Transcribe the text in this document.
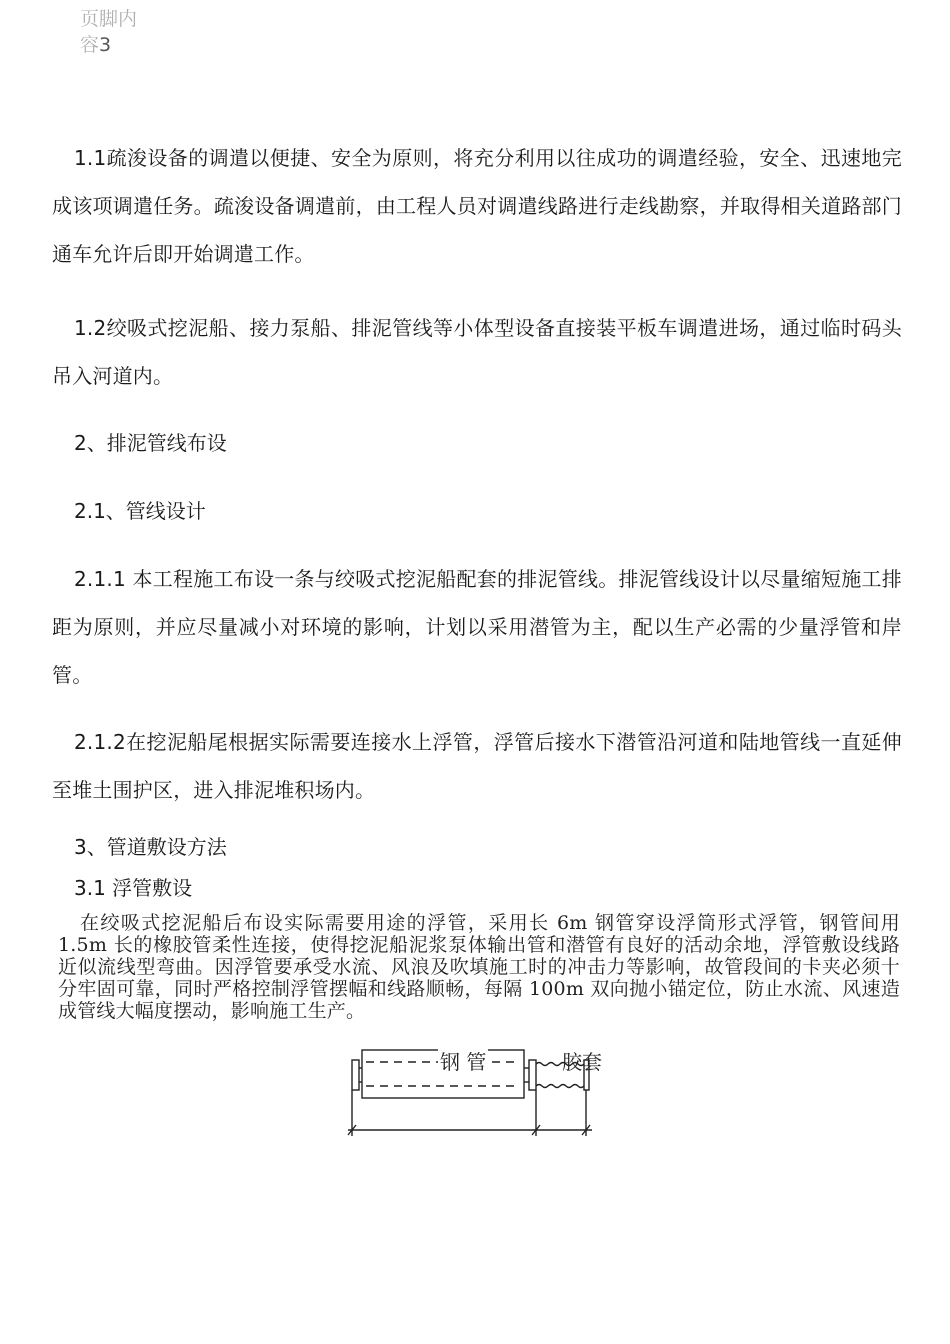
页脚内容3

1.1疏浚设备的调遣以便捷、安全为原则，将充分利用以往成功的调遣经验，安全、迅速地完成该项调遣任务。疏浚设备调遣前，由工程人员对调遣线路进行走线勘察，并取得相关道路部门通车允许后即开始调遣工作。

1.2绞吸式挖泥船、接力泵船、排泥管线等小体型设备直接装平板车调遣进场，通过临时码头吊入河道内。

2、排泥管线布设
2.1、管线设计

2.1.1 本工程施工布设一条与绞吸式挖泥船配套的排泥管线。排泥管线设计以尽量缩短施工排距为原则，并应尽量减小对环境的影响，计划以采用潜管为主，配以生产必需的少量浮管和岸管。

2.1.2在挖泥船尾根据实际需要连接水上浮管，浮管后接水下潜管沿河道和陆地管线一直延伸至堆土围护区，进入排泥堆积场内。

3、管道敷设方法
3.1 浮管敷设

在绞吸式挖泥船后布设实际需要用途的浮管，采用长 6m 钢管穿设浮筒形式浮管，钢管间用 1.5m 长的橡胶管柔性连接，使得挖泥船泥浆泵体输出管和潜管有良好的活动余地，浮管敷设线路近似流线型弯曲。因浮管要承受水流、风浪及吹填施工时的冲击力等影响，故管段间的卡夹必须十分牢固可靠，同时严格控制浮管摆幅和线路顺畅，每隔 100m 双向抛小锚定位，防止水流、风速造成管线大幅度摆动，影响施工生产。

钢 管	胶套
